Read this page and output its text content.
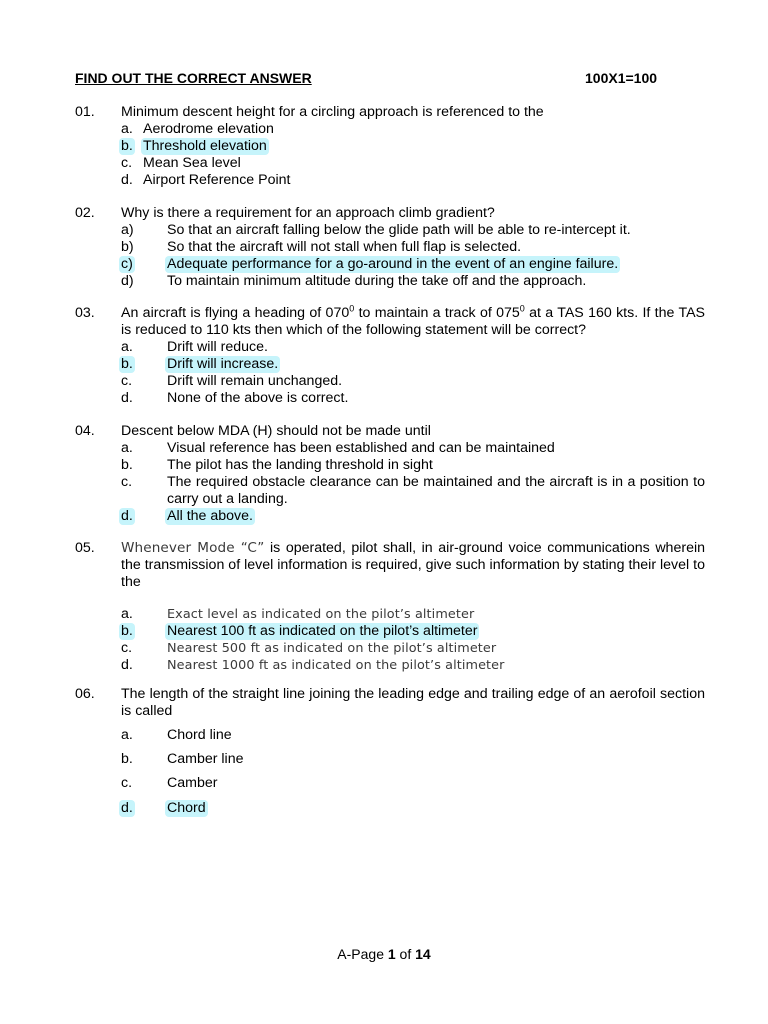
FIND OUT THE CORRECT ANSWER	100X1=100
01. Minimum descent height for a circling approach is referenced to the
a. Aerodrome elevation
b. Threshold elevation
c. Mean Sea level
d. Airport Reference Point
02. Why is there a requirement for an approach climb gradient?
a) So that an aircraft falling below the glide path will be able to re-intercept it.
b) So that the aircraft will not stall when full flap is selected.
c) Adequate performance for a go-around in the event of an engine failure.
d) To maintain minimum altitude during the take off and the approach.
03. An aircraft is flying a heading of $070^0$ to maintain a track of $075^0$ at a TAS 160 kts. If the TAS is reduced to 110 kts then which of the following statement will be correct?
a. Drift will reduce.
b. Drift will increase.
c. Drift will remain unchanged.
d. None of the above is correct.
04. Descent below MDA (H) should not be made until
a. Visual reference has been established and can be maintained
b. The pilot has the landing threshold in sight
c. The required obstacle clearance can be maintained and the aircraft is in a position to carry out a landing.
d. All the above.
05. Whenever Mode “C” is operated, pilot shall, in air-ground voice communications wherein the transmission of level information is required, give such information by stating their level to the
a.	Exact level as indicated on the pilot’s altimeter
b. Nearest 100 ft as indicated on the pilot’s altimeter
c.	Nearest 500 ft as indicated on the pilot’s altimeter
d.	Nearest 1000 ft as indicated on the pilot’s altimeter
06. The length of the straight line joining the leading edge and trailing edge of an aerofoil section is called
a. Chord line
b. Camber line
c. Camber
d. Chord
A-Page 1 of 14
